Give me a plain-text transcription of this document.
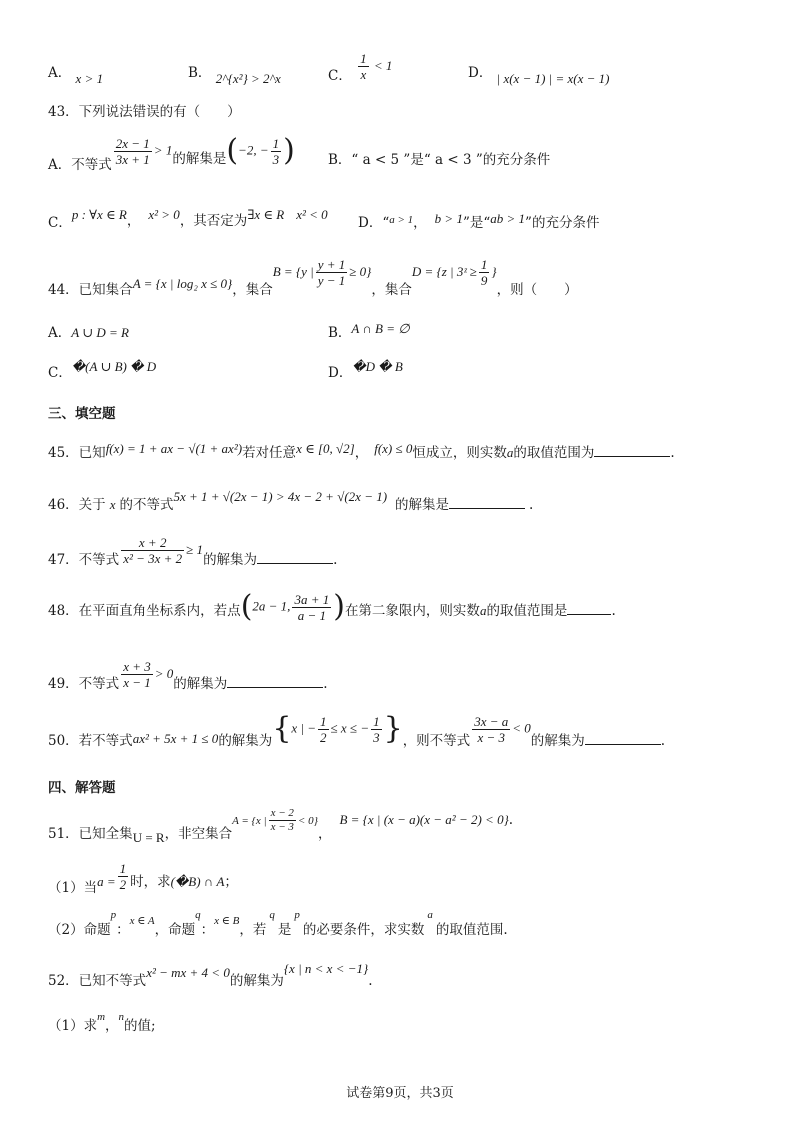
A． x > 1	B． 2^{x²} > 2^x	C． $\frac{1}{x} < 1$	D． | x(x − 1) | = x(x − 1)
43．下列说法错误的有（　　）
A．不等式 $\frac{2x - 1}{3x + 1} > 1$的解集是(−2, − $\frac{1}{3}$ ) B．“ a < 5 ”是“ a < 3 ”的充分条件
C．p : ∀x ∈ R， x² > 0，其否定为∃x ∈ R x² < 0
D．“a > 1， b > 1”是“ab > 1”的充分条件
44．已知集合A = {x | log₂ x ≤ 0}，集合B = {y | $\frac{y + 1}{y - 1} \ge 0$}，集合D = {z | 3ᶻ ≥ $\frac{1}{9}$ }，则（　　）
A．A ∪ D = R	B．A ∩ B = ∅
C．�(A ∪ B) � D	D．�D � B
三、填空题
45．已知f(x) = 1 + ax − √(1 + ax²)若对任意x ∈ [0, √2]， f(x) ≤ 0恒成立，则实数a的取值范围为	.
46．关于 x 的不等式5x + 1 + √(2x − 1) > 4x − 2 + √(2x − 1)的解集是	.
47．不等式 $\frac{x + 2}{\text{x² − 3x + 2}} \ge 1$的解集为	.
48．在平面直角坐标系内，若点(2a − 1, $\frac{3a + 1}{a - 1}$ )在第二象限内，则实数a的取值范围是	.
49．不等式 $\frac{x + 3}{x - 1} > 0$的解集为	.
50．若不等式ax² + 5x + 1 ≤ 0的解集为{x | − $\frac{1}{2} \le x$ ≤ − $\frac{1}{3}$ }，则不等式 $\frac{3x - a}{x - 3} < 0$的解集为	.
四、解答题
51．已知全集U = R，非空集合A = {x | $\frac{x - 2}{x - 3} < 0$}，B = {x | (x − a)(x − a² − 2) < 0}.
（1）当$a = \frac{1}{2}$ 时，求(�B) ∩ A；
（2）命题$^p$：x ∈ A，命题$^q$：x ∈ B，若$^q$是$^p$的必要条件，求实数$^a$的取值范围.
52．已知不等式x² − mx + 4 < 0的解集为{x | n < x < −1}.
（1）求$^m$，$^n$的值;
试卷第9页，共3页
